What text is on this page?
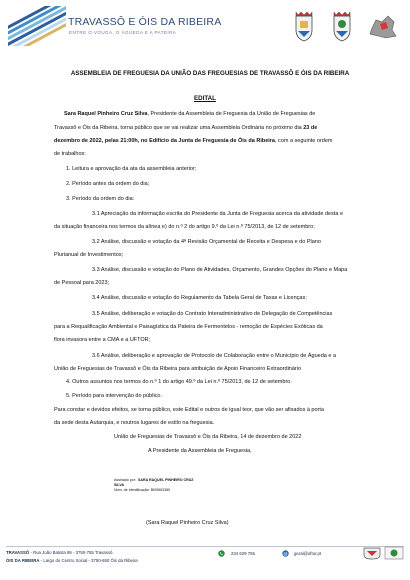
TRAVASSÔ E ÓIS DA RIBEIRA
ENTRE O VOUGA, O ÁGUEDA E A PATEIRA
ASSEMBLEIA DE FREGUESIA DA UNIÃO DAS FREGUESIAS DE TRAVASSÔ E ÓIS DA RIBEIRA
EDITAL
Sara Raquel Pinheiro Cruz Silva, Presidente da Assembleia de Freguesia da União de Freguesias de
Travassô e Óis da Ribeira, torna público que se vai realizar uma Assembleia Ordinária no próximo dia 23 de
dezembro de 2022, pelas 21:00h, no Edifício da Junta de Freguesia de Óis da Ribeira, com a seguinte ordem
de trabalhos:
1. Leitura e aprovação da ata da assembleia anterior;
2. Período antes da ordem do dia;
3. Período da ordem do dia:
3.1 Apreciação da informação escrita do Presidente da Junta de Freguesia acerca da atividade desta e
da situação financeira nos termos da alínea e) do n.º 2 do artigo 9.º da Lei n.º 75/2013, de 12 de setembro;
3.2 Análise, discussão e votação da 4ª Revisão Orçamental de Receita e Despesa e do Plano
Plurianual de Investimentos;
3.3 Análise, discussão e votação do Plano de Atividades, Orçamento, Grandes Opções do Plano e Mapa
de Pessoal para 2023;
3.4 Análise, discussão e votação do Regulamento da Tabela Geral de Taxas e Licenças;
3.5 Análise, deliberação e votação do Contrato Interadministrativo de Delegação de Competências
para a Requalificação Ambiental e Paisagística da Pateira de Fermentelos - remoção de Espécies Exóticas da
flora invasora entre a CMA e a UFTOR;
3.6 Análise, deliberação e aprovação de Protocolo de Colaboração entre o Município de Águeda e a
União de Freguesias de Travassô e Óis da Ribeira para atribuição de Apoio Financeiro Extraordinário
4. Outros assuntos nos termos do n.º 1 do artigo 49.º da Lei n.º 75/2013, de 12 de setembro.
5. Período para intervenção do público.
Para constar e devidos efeitos, se torna público, este Edital e outros de igual teor, que vão ser afixados à porta
da sede desta Autarquia, e noutros lugares de estilo na freguesia.
União de Freguesias de Travassô e Óis da Ribeira, 14 de dezembro de 2022
A Presidente da Assembleia de Freguesia,
Assinado por: SARA RAQUEL PINHEIRO CRUZ
SILVA
Num. de Identificação: BI09563380
(Sara Raquel Pinheiro Cruz Silva)
TRAVASSÔ - Rua João Batista 95 - 3750-755 Travassô.
ÓIS DA RIBEIRA - Largo do Centro Social - 3750-650 Óis da Ribeira
234 629 755	@ geral@uftor.pt
